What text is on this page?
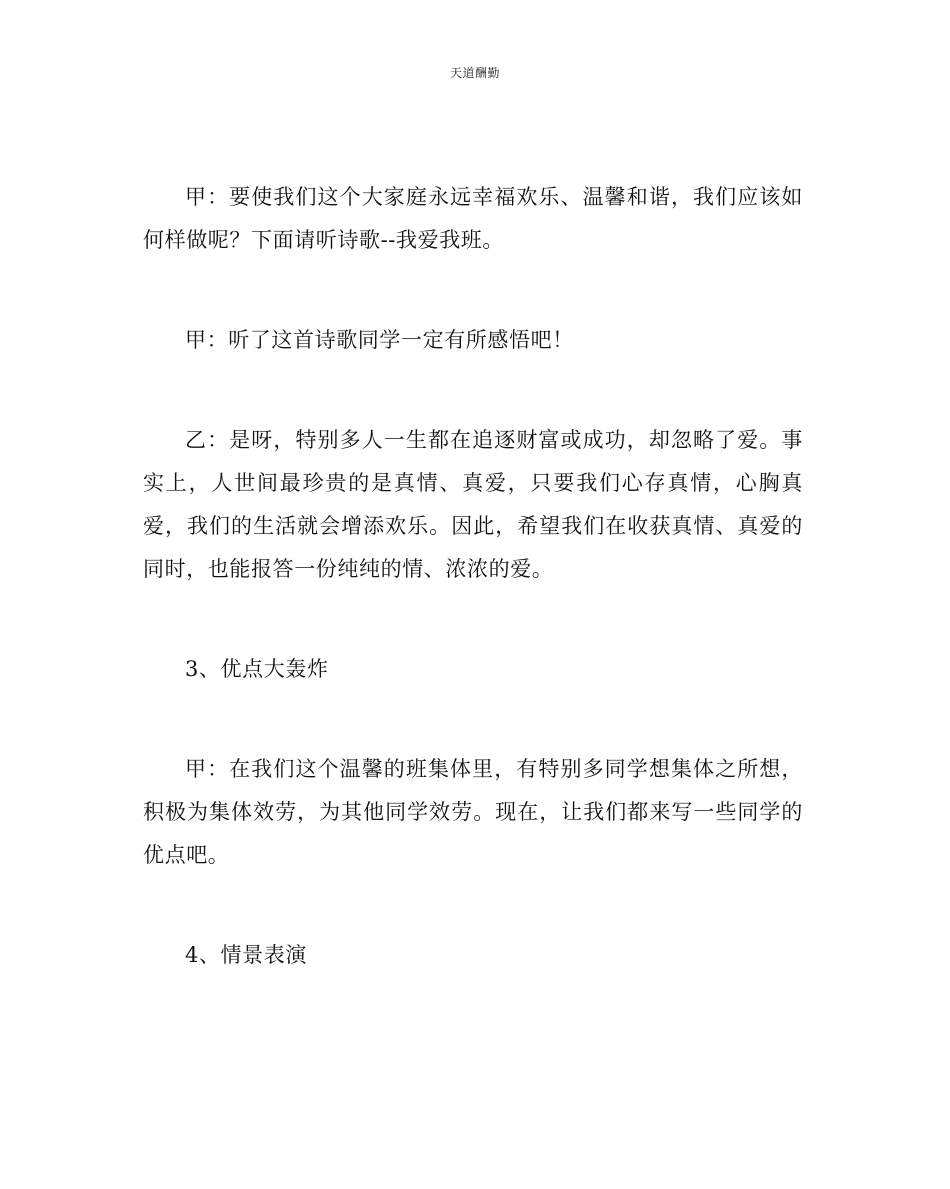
天道酬勤

甲：要使我们这个大家庭永远幸福欢乐、温馨和谐，我们应该如何样做呢？下面请听诗歌--我爱我班。

甲：听了这首诗歌同学一定有所感悟吧！

乙：是呀，特别多人一生都在追逐财富或成功，却忽略了爱。事实上，人世间最珍贵的是真情、真爱，只要我们心存真情，心胸真爱，我们的生活就会增添欢乐。因此，希望我们在收获真情、真爱的同时，也能报答一份纯纯的情、浓浓的爱。

3、优点大轰炸

甲：在我们这个温馨的班集体里，有特别多同学想集体之所想，积极为集体效劳，为其他同学效劳。现在，让我们都来写一些同学的优点吧。

4、情景表演
